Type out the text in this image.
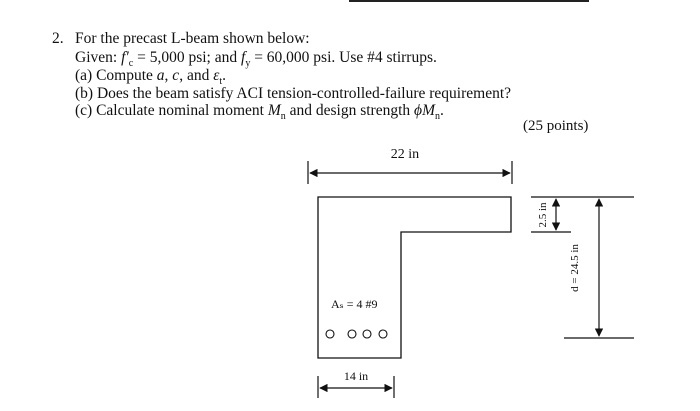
2. For the precast L-beam shown below:
Given: $f'_c = 5,000$ psi; and $f_y = 60,000$ psi. Use #4 stirrups.
(a) Compute a, c, and $\varepsilon_t$.
(b) Does the beam satisfy ACI tension-controlled-failure requirement?
(c) Calculate nominal moment $M_n$ and design strength $\phi M_n$.
(25 points)
22 in
Aₛ = 4 #9
14 in
2.5 in
d = 24.5 in
